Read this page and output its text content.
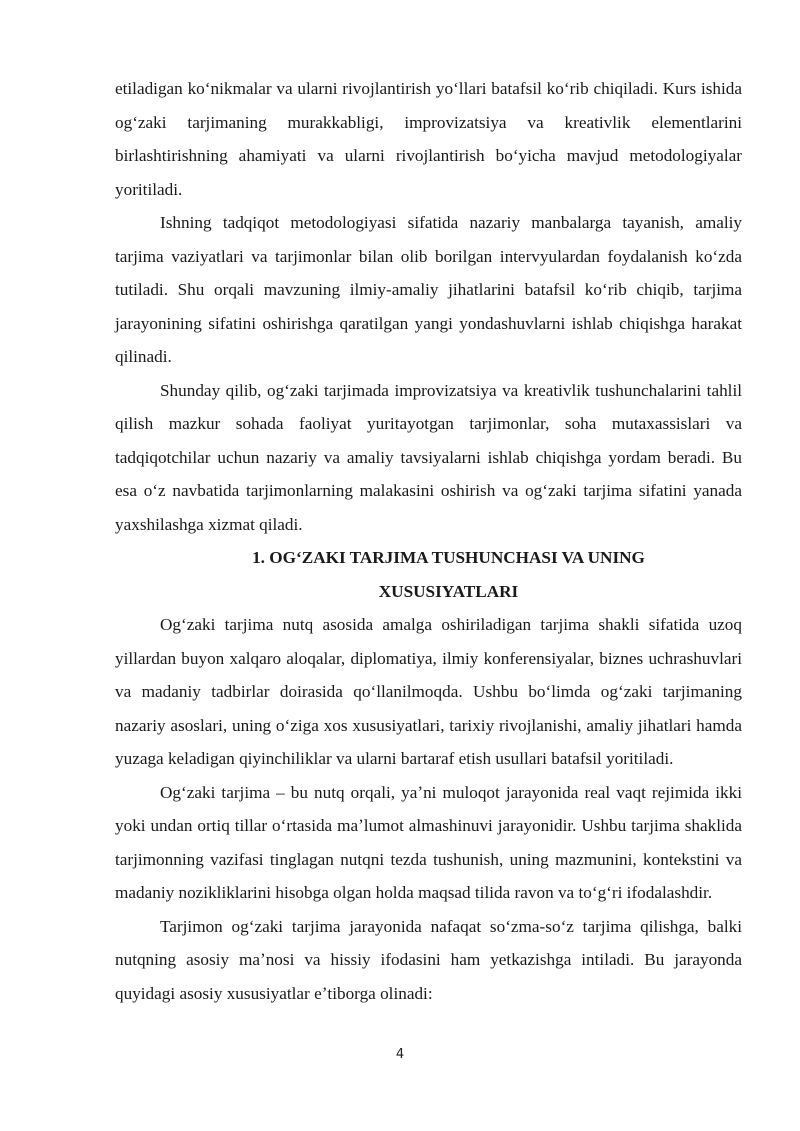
etiladigan koʻnikmalar va ularni rivojlantirish yoʻllari batafsil koʻrib chiqiladi. Kurs ishida ogʻzaki tarjimaning murakkabligi, improvizatsiya va kreativlik elementlarini birlashtirishning ahamiyati va ularni rivojlantirish boʻyicha mavjud metodologiyalar yoritiladi.

Ishning tadqiqot metodologiyasi sifatida nazariy manbalarga tayanish, amaliy tarjima vaziyatlari va tarjimonlar bilan olib borilgan intervyulardan foydalanish koʻzda tutiladi. Shu orqali mavzuning ilmiy-amaliy jihatlarini batafsil koʻrib chiqib, tarjima jarayonining sifatini oshirishga qaratilgan yangi yondashuvlarni ishlab chiqishga harakat qilinadi.

Shunday qilib, ogʻzaki tarjimada improvizatsiya va kreativlik tushunchalarini tahlil qilish mazkur sohada faoliyat yuritayotgan tarjimonlar, soha mutaxassislari va tadqiqotchilar uchun nazariy va amaliy tavsiyalarni ishlab chiqishga yordam beradi. Bu esa oʻz navbatida tarjimonlarning malakasini oshirish va ogʻzaki tarjima sifatini yanada yaxshilashga xizmat qiladi.

1. OGʻZAKI TARJIMA TUSHUNCHASI VA UNING

XUSUSIYATLARI

Ogʻzaki tarjima nutq asosida amalga oshiriladigan tarjima shakli sifatida uzoq yillardan buyon xalqaro aloqalar, diplomatiya, ilmiy konferensiyalar, biznes uchrashuvlari va madaniy tadbirlar doirasida qoʻllanilmoqda. Ushbu boʻlimda ogʻzaki tarjimaning nazariy asoslari, uning oʻziga xos xususiyatlari, tarixiy rivojlanishi, amaliy jihatlari hamda yuzaga keladigan qiyinchiliklar va ularni bartaraf etish usullari batafsil yoritiladi.

Ogʻzaki tarjima – bu nutq orqali, yaʼni muloqot jarayonida real vaqt rejimida ikki yoki undan ortiq tillar oʻrtasida maʼlumot almashinuvi jarayonidir. Ushbu tarjima shaklida tarjimonning vazifasi tinglagan nutqni tezda tushunish, uning mazmunini, kontekstini va madaniy nozikliklarini hisobga olgan holda maqsad tilida ravon va toʻgʻri ifodalashdir.

Tarjimon ogʻzaki tarjima jarayonida nafaqat soʻzma-soʻz tarjima qilishga, balki nutqning asosiy maʼnosi va hissiy ifodasini ham yetkazishga intiladi. Bu jarayonda quyidagi asosiy xususiyatlar eʼtiborga olinadi:

4
